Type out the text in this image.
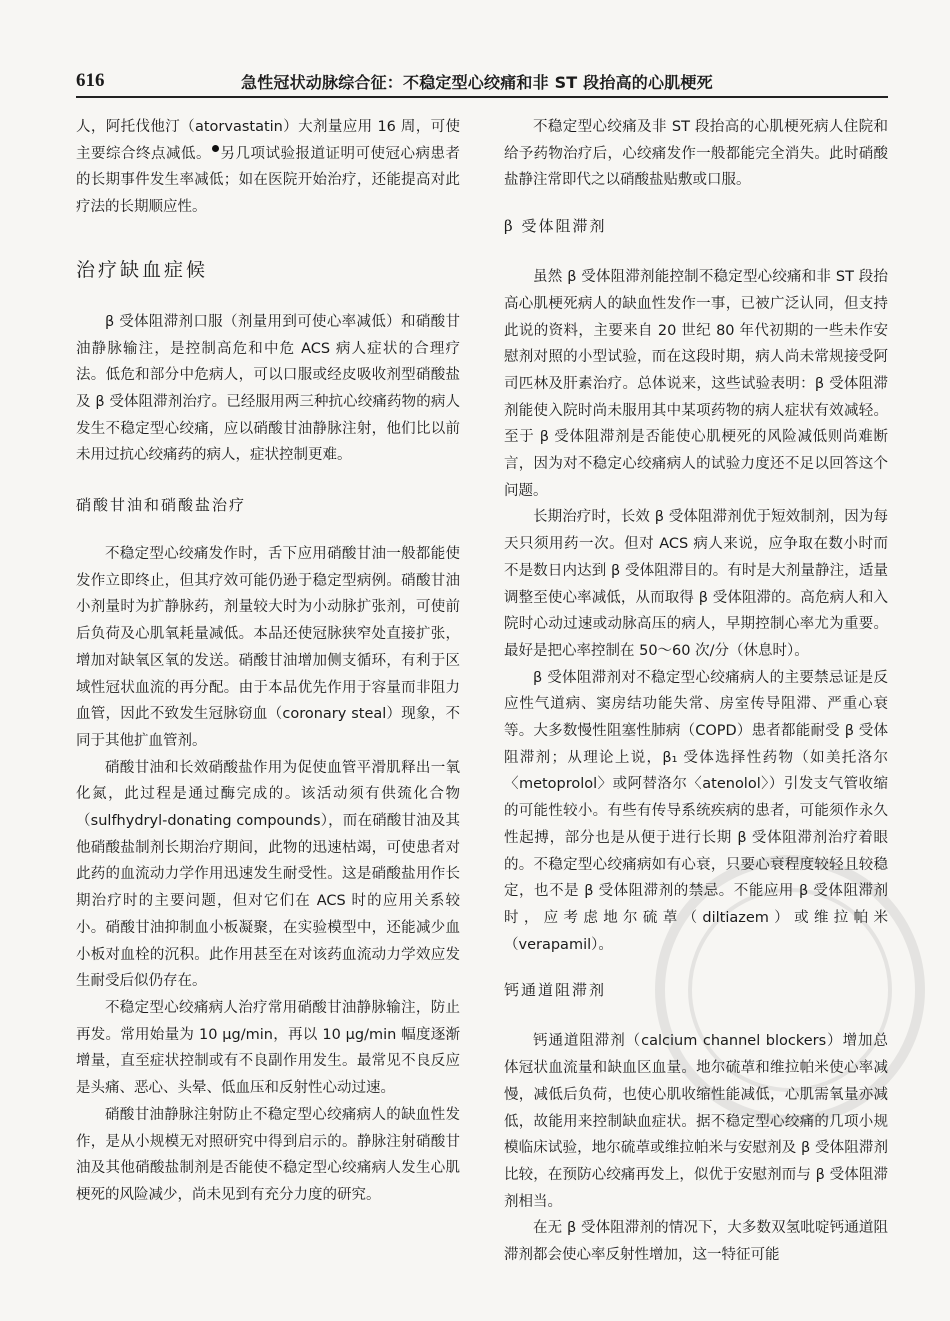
616	急性冠状动脉综合征：不稳定型心绞痛和非 ST 段抬高的心肌梗死

人，阿托伐他汀（atorvastatin）大剂量应用 16 周，可使主要综合终点减低。 另几项试验报道证明可使冠心病患者的长期事件发生率减低；如在医院开始治疗，还能提高对此疗法的长期顺应性。

治疗缺血症候

β 受体阻滞剂口服（剂量用到可使心率减低）和硝酸甘油静脉输注，是控制高危和中危 ACS 病人症状的合理疗法。低危和部分中危病人，可以口服或经皮吸收剂型硝酸盐及 β 受体阻滞剂治疗。已经服用两三种抗心绞痛药物的病人发生不稳定型心绞痛，应以硝酸甘油静脉注射，他们比以前未用过抗心绞痛药的病人，症状控制更难。

硝酸甘油和硝酸盐治疗

不稳定型心绞痛发作时，舌下应用硝酸甘油一般都能使发作立即终止，但其疗效可能仍逊于稳定型病例。硝酸甘油小剂量时为扩静脉药，剂量较大时为小动脉扩张剂，可使前后负荷及心肌氧耗量减低。本品还使冠脉狭窄处直接扩张，增加对缺氧区氧的发送。硝酸甘油增加侧支循环，有利于区域性冠状血流的再分配。由于本品优先作用于容量而非阻力血管，因此不致发生冠脉窃血（coronary steal）现象，不同于其他扩血管剂。

硝酸甘油和长效硝酸盐作用为促使血管平滑肌释出一氧化氮，此过程是通过酶完成的。该活动须有供巯化合物（sulfhydryl-donating compounds），而在硝酸甘油及其他硝酸盐制剂长期治疗期间，此物的迅速枯竭，可使患者对此药的血流动力学作用迅速发生耐受性。这是硝酸盐用作长期治疗时的主要问题，但对它们在 ACS 时的应用关系较小。硝酸甘油抑制血小板凝聚，在实验模型中，还能减少血小板对血栓的沉积。此作用甚至在对该药血流动力学效应发生耐受后似仍存在。

不稳定型心绞痛病人治疗常用硝酸甘油静脉输注，防止再发。常用始量为 10 μg/min，再以 10 μg/min 幅度逐渐增量，直至症状控制或有不良副作用发生。最常见不良反应是头痛、恶心、头晕、低血压和反射性心动过速。

硝酸甘油静脉注射防止不稳定型心绞痛病人的缺血性发作，是从小规模无对照研究中得到启示的。静脉注射硝酸甘油及其他硝酸盐制剂是否能使不稳定型心绞痛病人发生心肌梗死的风险减少，尚未见到有充分力度的研究。

不稳定型心绞痛及非 ST 段抬高的心肌梗死病人住院和给予药物治疗后，心绞痛发作一般都能完全消失。此时硝酸盐静注常即代之以硝酸盐贴敷或口服。

β 受体阻滞剂

虽然 β 受体阻滞剂能控制不稳定型心绞痛和非 ST 段抬高心肌梗死病人的缺血性发作一事，已被广泛认同，但支持此说的资料，主要来自 20 世纪 80 年代初期的一些未作安慰剂对照的小型试验，而在这段时期，病人尚未常规接受阿司匹林及肝素治疗。总体说来，这些试验表明：β 受体阻滞剂能使入院时尚未服用其中某项药物的病人症状有效减轻。至于 β 受体阻滞剂是否能使心肌梗死的风险减低则尚难断言，因为对不稳定心绞痛病人的试验力度还不足以回答这个问题。

长期治疗时，长效 β 受体阻滞剂优于短效制剂，因为每天只须用药一次。但对 ACS 病人来说，应争取在数小时而不是数日内达到 β 受体阻滞目的。有时是大剂量静注，适量调整至使心率减低，从而取得 β 受体阻滞的。高危病人和入院时心动过速或动脉高压的病人，早期控制心率尤为重要。最好是把心率控制在 50～60 次/分（休息时）。

β 受体阻滞剂对不稳定型心绞痛病人的主要禁忌证是反应性气道病、窦房结功能失常、房室传导阻滞、严重心衰等。大多数慢性阻塞性肺病（COPD）患者都能耐受 β 受体阻滞剂；从理论上说，β₁ 受体选择性药物（如美托洛尔〈metoprolol〉或阿替洛尔〈atenolol〉）引发支气管收缩的可能性较小。有些有传导系统疾病的患者，可能须作永久性起搏，部分也是从便于进行长期 β 受体阻滞剂治疗着眼的。不稳定型心绞痛病如有心衰，只要心衰程度较轻且较稳定，也不是 β 受体阻滞剂的禁忌。不能应用 β 受体阻滞剂时，应考虑地尔硫䓬（diltiazem）或维拉帕米（verapamil）。

钙通道阻滞剂

钙通道阻滞剂（calcium channel blockers）增加总体冠状血流量和缺血区血量。地尔硫䓬和维拉帕米使心率减慢，减低后负荷，也使心肌收缩性能减低，心肌需氧量亦减低，故能用来控制缺血症状。据不稳定型心绞痛的几项小规模临床试验，地尔硫䓬或维拉帕米与安慰剂及 β 受体阻滞剂比较，在预防心绞痛再发上，似优于安慰剂而与 β 受体阻滞剂相当。

在无 β 受体阻滞剂的情况下，大多数双氢吡啶钙通道阻滞剂都会使心率反射性增加，这一特征可能
